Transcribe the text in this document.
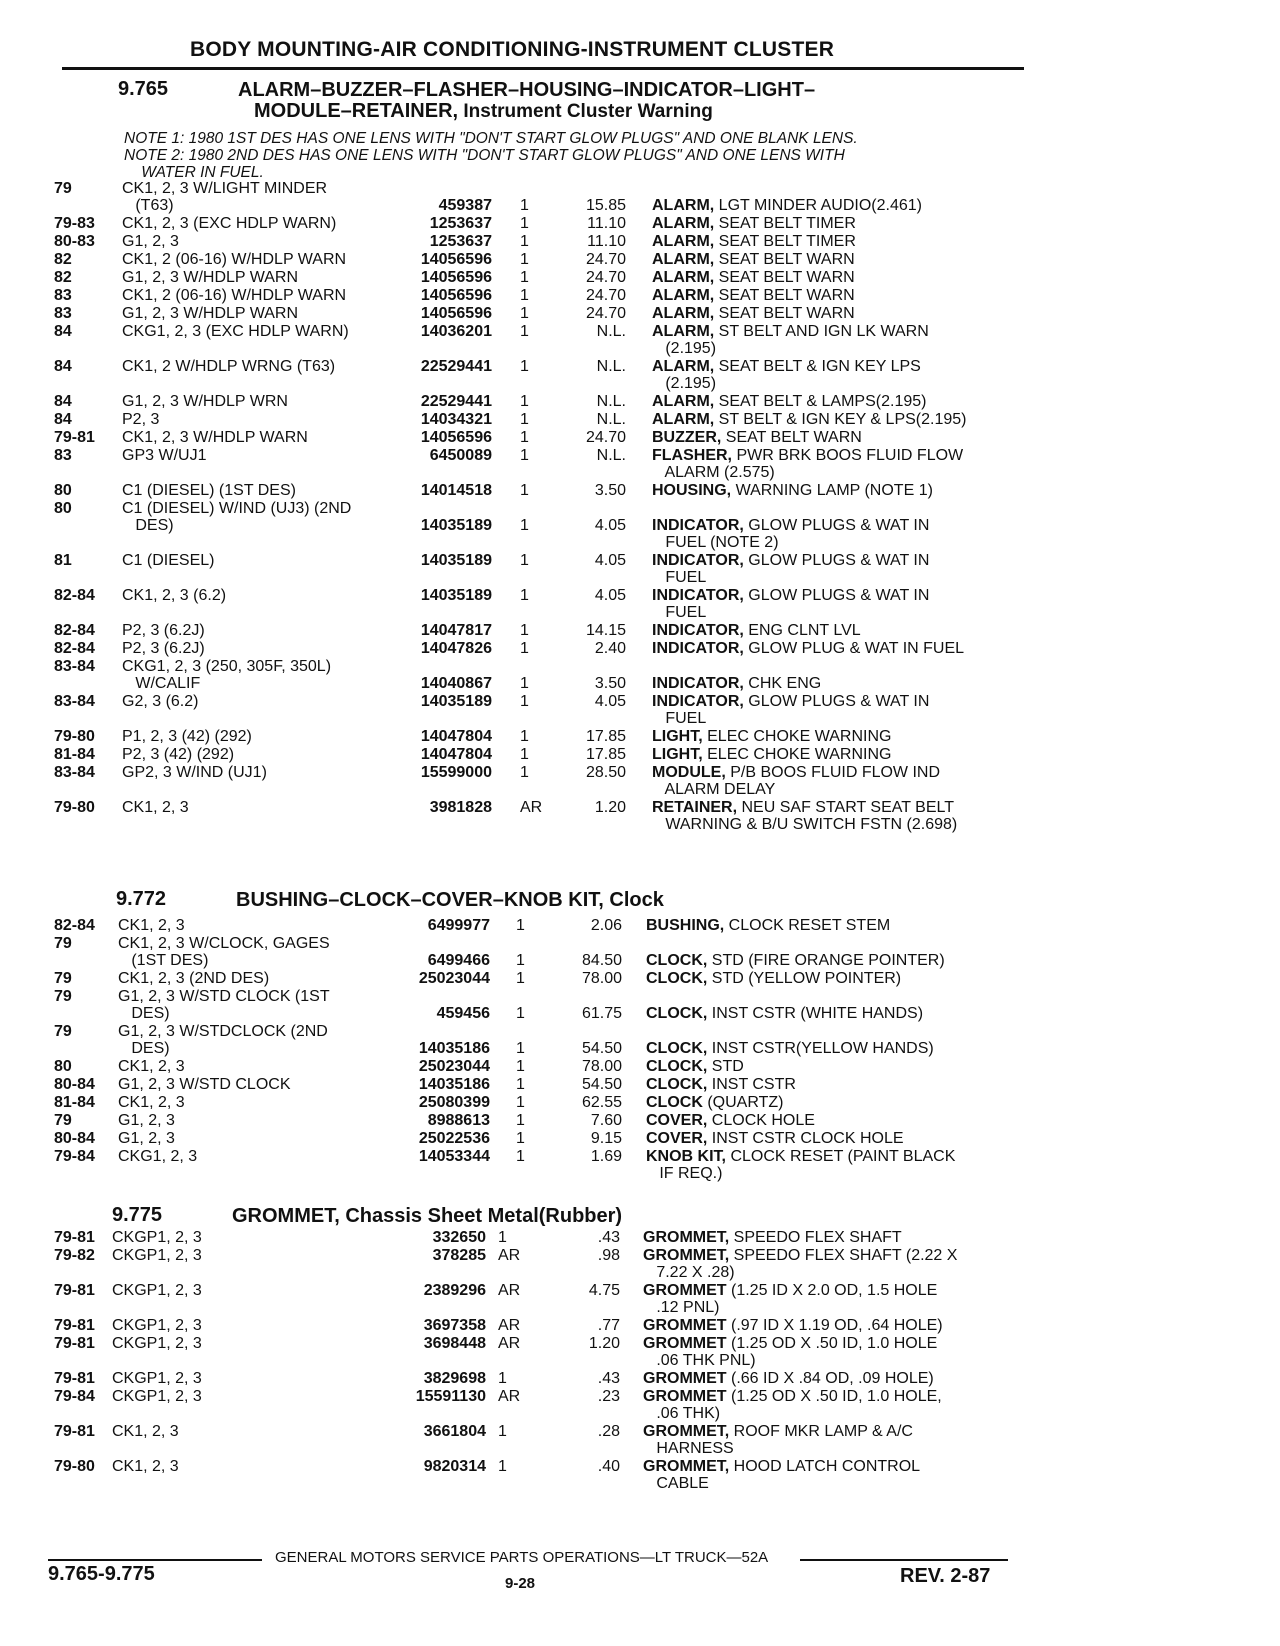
BODY MOUNTING-AIR CONDITIONING-INSTRUMENT CLUSTER
9.765	ALARM–BUZZER–FLASHER–HOUSING–INDICATOR–LIGHT–
MODULE–RETAINER, Instrument Cluster Warning
NOTE 1: 1980 1ST DES HAS ONE LENS WITH "DON'T START GLOW PLUGS" AND ONE BLANK LENS.
NOTE 2: 1980 2ND DES HAS ONE LENS WITH "DON'T START GLOW PLUGS" AND ONE LENS WITH
WATER IN FUEL.
79	CK1, 2, 3 W/LIGHT MINDER
(T63)	459387 1	15.85 ALARM, LGT MINDER AUDIO(2.461)
79-83	CK1, 2, 3 (EXC HDLP WARN)	1253637 1	11.10 ALARM, SEAT BELT TIMER
80-83	G1, 2, 3	1253637 1	11.10 ALARM, SEAT BELT TIMER
82	CK1, 2 (06-16) W/HDLP WARN	14056596 1	24.70 ALARM, SEAT BELT WARN
82	G1, 2, 3 W/HDLP WARN	14056596 1	24.70 ALARM, SEAT BELT WARN
83	CK1, 2 (06-16) W/HDLP WARN	14056596 1	24.70 ALARM, SEAT BELT WARN
83	G1, 2, 3 W/HDLP WARN	14056596 1	24.70 ALARM, SEAT BELT WARN
84	CKG1, 2, 3 (EXC HDLP WARN)	14036201 1	N.L. ALARM, ST BELT AND IGN LK WARN
(2.195)
84	CK1, 2 W/HDLP WRNG (T63)	22529441 1	N.L. ALARM, SEAT BELT & IGN KEY LPS
(2.195)
84	G1, 2, 3 W/HDLP WRN	22529441 1	N.L. ALARM, SEAT BELT & LAMPS(2.195)
84	P2, 3	14034321 1	N.L. ALARM, ST BELT & IGN KEY & LPS(2.195)
79-81	CK1, 2, 3 W/HDLP WARN	14056596 1	24.70 BUZZER, SEAT BELT WARN
83	GP3 W/UJ1	6450089 1	N.L. FLASHER, PWR BRK BOOS FLUID FLOW
ALARM (2.575)
80	C1 (DIESEL) (1ST DES)	14014518 1	3.50 HOUSING, WARNING LAMP (NOTE 1)
80	C1 (DIESEL) W/IND (UJ3) (2ND
DES)	14035189 1	4.05 INDICATOR, GLOW PLUGS & WAT IN
FUEL (NOTE 2)
81	C1 (DIESEL)	14035189 1	4.05 INDICATOR, GLOW PLUGS & WAT IN
FUEL
82-84	CK1, 2, 3 (6.2)	14035189 1	4.05 INDICATOR, GLOW PLUGS & WAT IN
FUEL
82-84	P2, 3 (6.2J)	14047817 1	14.15 INDICATOR, ENG CLNT LVL
82-84	P2, 3 (6.2J)	14047826 1	2.40 INDICATOR, GLOW PLUG & WAT IN FUEL
83-84	CKG1, 2, 3 (250, 305F, 350L)
W/CALIF	14040867 1	3.50 INDICATOR, CHK ENG
83-84	G2, 3 (6.2)	14035189 1	4.05 INDICATOR, GLOW PLUGS & WAT IN
FUEL
79-80	P1, 2, 3 (42) (292)	14047804 1	17.85 LIGHT, ELEC CHOKE WARNING
81-84	P2, 3 (42) (292)	14047804 1	17.85 LIGHT, ELEC CHOKE WARNING
83-84	GP2, 3 W/IND (UJ1)	15599000 1	28.50 MODULE, P/B BOOS FLUID FLOW IND
ALARM DELAY
79-80	CK1, 2, 3	3981828 AR	1.20 RETAINER, NEU SAF START SEAT BELT
WARNING & B/U SWITCH FSTN (2.698)
9.772	BUSHING–CLOCK–COVER–KNOB KIT, Clock
82-84	CK1, 2, 3	6499977 1	2.06 BUSHING, CLOCK RESET STEM
79	CK1, 2, 3 W/CLOCK, GAGES
(1ST DES)	6499466 1	84.50 CLOCK, STD (FIRE ORANGE POINTER)
79	CK1, 2, 3 (2ND DES)	25023044 1	78.00 CLOCK, STD (YELLOW POINTER)
79	G1, 2, 3 W/STD CLOCK (1ST
DES)	459456 1	61.75 CLOCK, INST CSTR (WHITE HANDS)
79	G1, 2, 3 W/STDCLOCK (2ND
DES)	14035186 1	54.50 CLOCK, INST CSTR(YELLOW HANDS)
80	CK1, 2, 3	25023044 1	78.00 CLOCK, STD
80-84	G1, 2, 3 W/STD CLOCK	14035186 1	54.50 CLOCK, INST CSTR
81-84	CK1, 2, 3	25080399 1	62.55 CLOCK (QUARTZ)
79	G1, 2, 3	8988613 1	7.60 COVER, CLOCK HOLE
80-84	G1, 2, 3	25022536 1	9.15 COVER, INST CSTR CLOCK HOLE
79-84	CKG1, 2, 3	14053344 1	1.69 KNOB KIT, CLOCK RESET (PAINT BLACK
IF REQ.)
9.775	GROMMET, Chassis Sheet Metal(Rubber)
79-81	CKGP1, 2, 3	332650 1	.43 GROMMET, SPEEDO FLEX SHAFT
79-82	CKGP1, 2, 3	378285 AR	.98 GROMMET, SPEEDO FLEX SHAFT (2.22 X
7.22 X .28)
79-81	CKGP1, 2, 3	2389296 AR	4.75 GROMMET (1.25 ID X 2.0 OD, 1.5 HOLE
.12 PNL)
79-81	CKGP1, 2, 3	3697358 AR	.77 GROMMET (.97 ID X 1.19 OD, .64 HOLE)
79-81	CKGP1, 2, 3	3698448 AR	1.20 GROMMET (1.25 OD X .50 ID, 1.0 HOLE
.06 THK PNL)
79-81	CKGP1, 2, 3	3829698 1	.43 GROMMET (.66 ID X .84 OD, .09 HOLE)
79-84	CKGP1, 2, 3	15591130 AR	.23 GROMMET (1.25 OD X .50 ID, 1.0 HOLE,
.06 THK)
79-81	CK1, 2, 3	3661804 1	.28 GROMMET, ROOF MKR LAMP & A/C
HARNESS
79-80	CK1, 2, 3	9820314 1	.40 GROMMET, HOOD LATCH CONTROL
CABLE
9.765-9.775
GENERAL MOTORS SERVICE PARTS OPERATIONS—LT TRUCK—52A
9-28	REV. 2-87
